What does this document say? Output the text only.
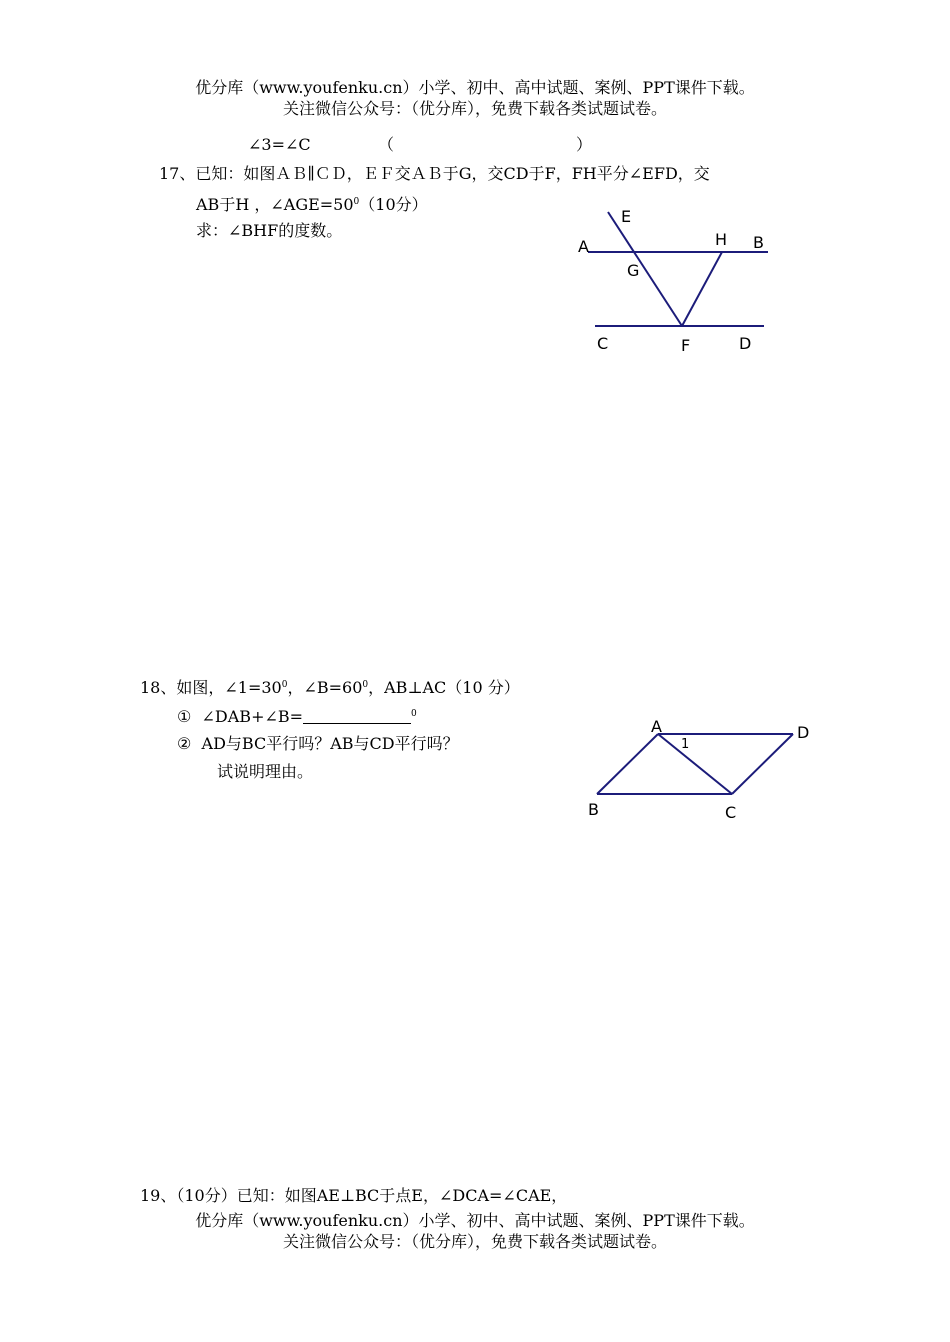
优分库（www.youfenku.cn）小学、初中、高中试题、案例、PPT课件下载。
关注微信公众号：（优分库），免费下载各类试题试卷。
∠3=∠C	（	）
17、已知：如图ＡＢ∥ＣＤ，ＥＦ交ＡＢ于G，交CD于F，FH平分∠EFD，交
AB于H ，$\angle AGE=50^0(10$分）
求：∠BHF的度数。
E
A	H B
G
C	F	D
18、如图，$\angle 1=30^0$，$\angle B=60^0$，AB⊥AC（10 分）
① ∠DAB+∠B=	$^0$
② AD与BC平行吗？AB与CD平行吗？
试说明理由。
A	D
1
B	C
19、（10分）已知：如图AE⊥BC于点E，∠DCA=∠CAE，
优分库（www.youfenku.cn）小学、初中、高中试题、案例、PPT课件下载。
关注微信公众号：（优分库），免费下载各类试题试卷。
